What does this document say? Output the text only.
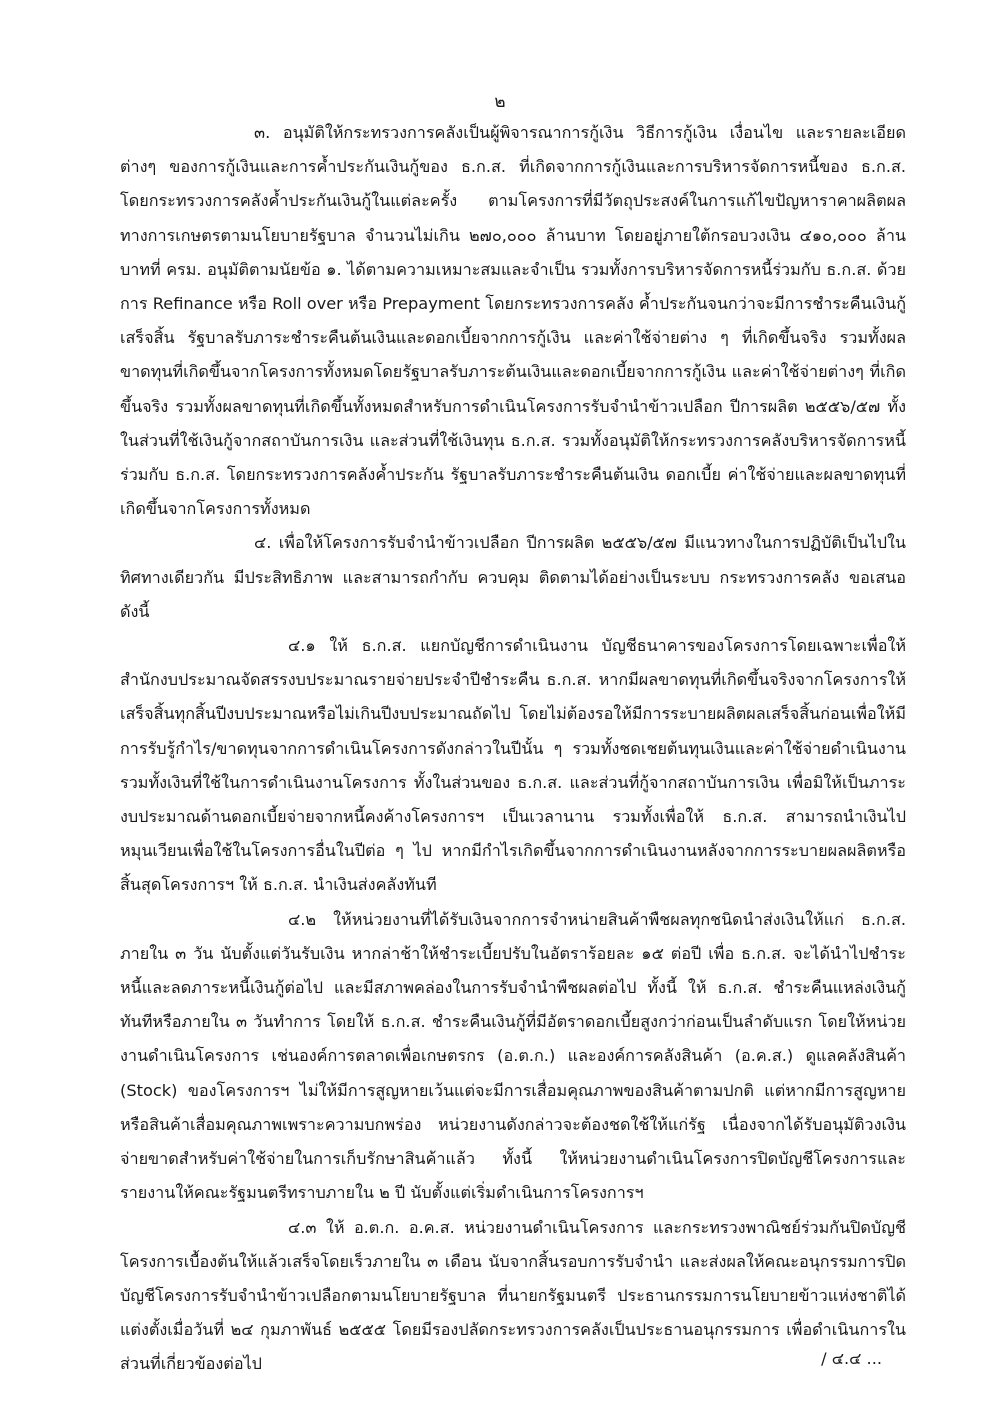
๒

๓. อนุมัติให้กระทรวงการคลังเป็นผู้พิจารณาการกู้เงิน วิธีการกู้เงิน เงื่อนไข และรายละเอียดต่างๆ ของการกู้เงินและการค้ำประกันเงินกู้ของ ธ.ก.ส. ที่เกิดจากการกู้เงินและการบริหารจัดการหนี้ของ ธ.ก.ส. โดยกระทรวงการคลังค้ำประกันเงินกู้ในแต่ละครั้ง ตามโครงการที่มีวัตถุประสงค์ในการแก้ไขปัญหาราคาผลิตผลทางการเกษตรตามนโยบายรัฐบาล จำนวนไม่เกิน ๒๗๐,๐๐๐ ล้านบาท โดยอยู่ภายใต้กรอบวงเงิน ๔๑๐,๐๐๐ ล้านบาทที่ ครม. อนุมัติตามนัยข้อ ๑. ได้ตามความเหมาะสมและจำเป็น รวมทั้งการบริหารจัดการหนี้ร่วมกับ ธ.ก.ส. ด้วยการ Refinance หรือ Roll over หรือ Prepayment โดยกระทรวงการคลัง ค้ำประกันจนกว่าจะมีการชำระคืนเงินกู้เสร็จสิ้น รัฐบาลรับภาระชำระคืนต้นเงินและดอกเบี้ยจากการกู้เงิน และค่าใช้จ่ายต่าง ๆ ที่เกิดขึ้นจริง รวมทั้งผลขาดทุนที่เกิดขึ้นจากโครงการทั้งหมดโดยรัฐบาลรับภาระต้นเงินและดอกเบี้ยจากการกู้เงิน และค่าใช้จ่ายต่างๆ ที่เกิดขึ้นจริง รวมทั้งผลขาดทุนที่เกิดขึ้นทั้งหมดสำหรับการดำเนินโครงการรับจำนำข้าวเปลือก ปีการผลิต ๒๕๕๖/๕๗ ทั้งในส่วนที่ใช้เงินกู้จากสถาบันการเงิน และส่วนที่ใช้เงินทุน ธ.ก.ส. รวมทั้งอนุมัติให้กระทรวงการคลังบริหารจัดการหนี้ร่วมกับ ธ.ก.ส. โดยกระทรวงการคลังค้ำประกัน รัฐบาลรับภาระชำระคืนต้นเงิน ดอกเบี้ย ค่าใช้จ่ายและผลขาดทุนที่เกิดขึ้นจากโครงการทั้งหมด

๔. เพื่อให้โครงการรับจำนำข้าวเปลือก ปีการผลิต ๒๕๕๖/๕๗ มีแนวทางในการปฏิบัติเป็นไปในทิศทางเดียวกัน มีประสิทธิภาพ และสามารถกำกับ ควบคุม ติดตามได้อย่างเป็นระบบ กระทรวงการคลัง ขอเสนอดังนี้

๔.๑ ให้ ธ.ก.ส. แยกบัญชีการดำเนินงาน บัญชีธนาคารของโครงการโดยเฉพาะเพื่อให้สำนักงบประมาณจัดสรรงบประมาณรายจ่ายประจำปีชำระคืน ธ.ก.ส. หากมีผลขาดทุนที่เกิดขึ้นจริงจากโครงการให้เสร็จสิ้นทุกสิ้นปีงบประมาณหรือไม่เกินปีงบประมาณถัดไป โดยไม่ต้องรอให้มีการระบายผลิตผลเสร็จสิ้นก่อนเพื่อให้มีการรับรู้กำไร/ขาดทุนจากการดำเนินโครงการดังกล่าวในปีนั้น ๆ รวมทั้งชดเชยต้นทุนเงินและค่าใช้จ่ายดำเนินงาน รวมทั้งเงินที่ใช้ในการดำเนินงานโครงการ ทั้งในส่วนของ ธ.ก.ส. และส่วนที่กู้จากสถาบันการเงิน เพื่อมิให้เป็นภาระงบประมาณด้านดอกเบี้ยจ่ายจากหนี้คงค้างโครงการฯ เป็นเวลานาน รวมทั้งเพื่อให้ ธ.ก.ส. สามารถนำเงินไปหมุนเวียนเพื่อใช้ในโครงการอื่นในปีต่อ ๆ ไป หากมีกำไรเกิดขึ้นจากการดำเนินงานหลังจากการระบายผลผลิตหรือสิ้นสุดโครงการฯ ให้ ธ.ก.ส. นำเงินส่งคลังทันที

๔.๒ ให้หน่วยงานที่ได้รับเงินจากการจำหน่ายสินค้าพืชผลทุกชนิดนำส่งเงินให้แก่ ธ.ก.ส. ภายใน ๓ วัน นับตั้งแต่วันรับเงิน หากล่าช้าให้ชำระเบี้ยปรับในอัตราร้อยละ ๑๕ ต่อปี เพื่อ ธ.ก.ส. จะได้นำไปชำระหนี้และลดภาระหนี้เงินกู้ต่อไป และมีสภาพคล่องในการรับจำนำพืชผลต่อไป ทั้งนี้ ให้ ธ.ก.ส. ชำระคืนแหล่งเงินกู้ทันทีหรือภายใน ๓ วันทำการ โดยให้ ธ.ก.ส. ชำระคืนเงินกู้ที่มีอัตราดอกเบี้ยสูงกว่าก่อนเป็นลำดับแรก โดยให้หน่วยงานดำเนินโครงการ เช่นองค์การตลาดเพื่อเกษตรกร (อ.ต.ก.) และองค์การคลังสินค้า (อ.ค.ส.) ดูแลคลังสินค้า (Stock) ของโครงการฯ ไม่ให้มีการสูญหายเว้นแต่จะมีการเสื่อมคุณภาพของสินค้าตามปกติ แต่หากมีการสูญหายหรือสินค้าเสื่อมคุณภาพเพราะความบกพร่อง หน่วยงานดังกล่าวจะต้องชดใช้ให้แก่รัฐ เนื่องจากได้รับอนุมัติวงเงินจ่ายขาดสำหรับค่าใช้จ่ายในการเก็บรักษาสินค้าแล้ว ทั้งนี้ ให้หน่วยงานดำเนินโครงการปิดบัญชีโครงการและรายงานให้คณะรัฐมนตรีทราบภายใน ๒ ปี นับตั้งแต่เริ่มดำเนินการโครงการฯ

๔.๓ ให้ อ.ต.ก. อ.ค.ส. หน่วยงานดำเนินโครงการ และกระทรวงพาณิชย์ร่วมกันปิดบัญชีโครงการเบื้องต้นให้แล้วเสร็จโดยเร็วภายใน ๓ เดือน นับจากสิ้นรอบการรับจำนำ และส่งผลให้คณะอนุกรรมการปิดบัญชีโครงการรับจำนำข้าวเปลือกตามนโยบายรัฐบาล ที่นายกรัฐมนตรี ประธานกรรมการนโยบายข้าวแห่งชาติได้แต่งตั้งเมื่อวันที่ ๒๔ กุมภาพันธ์ ๒๕๕๕ โดยมีรองปลัดกระทรวงการคลังเป็นประธานอนุกรรมการ เพื่อดำเนินการในส่วนที่เกี่ยวข้องต่อไป	/ ๔.๔ ...
